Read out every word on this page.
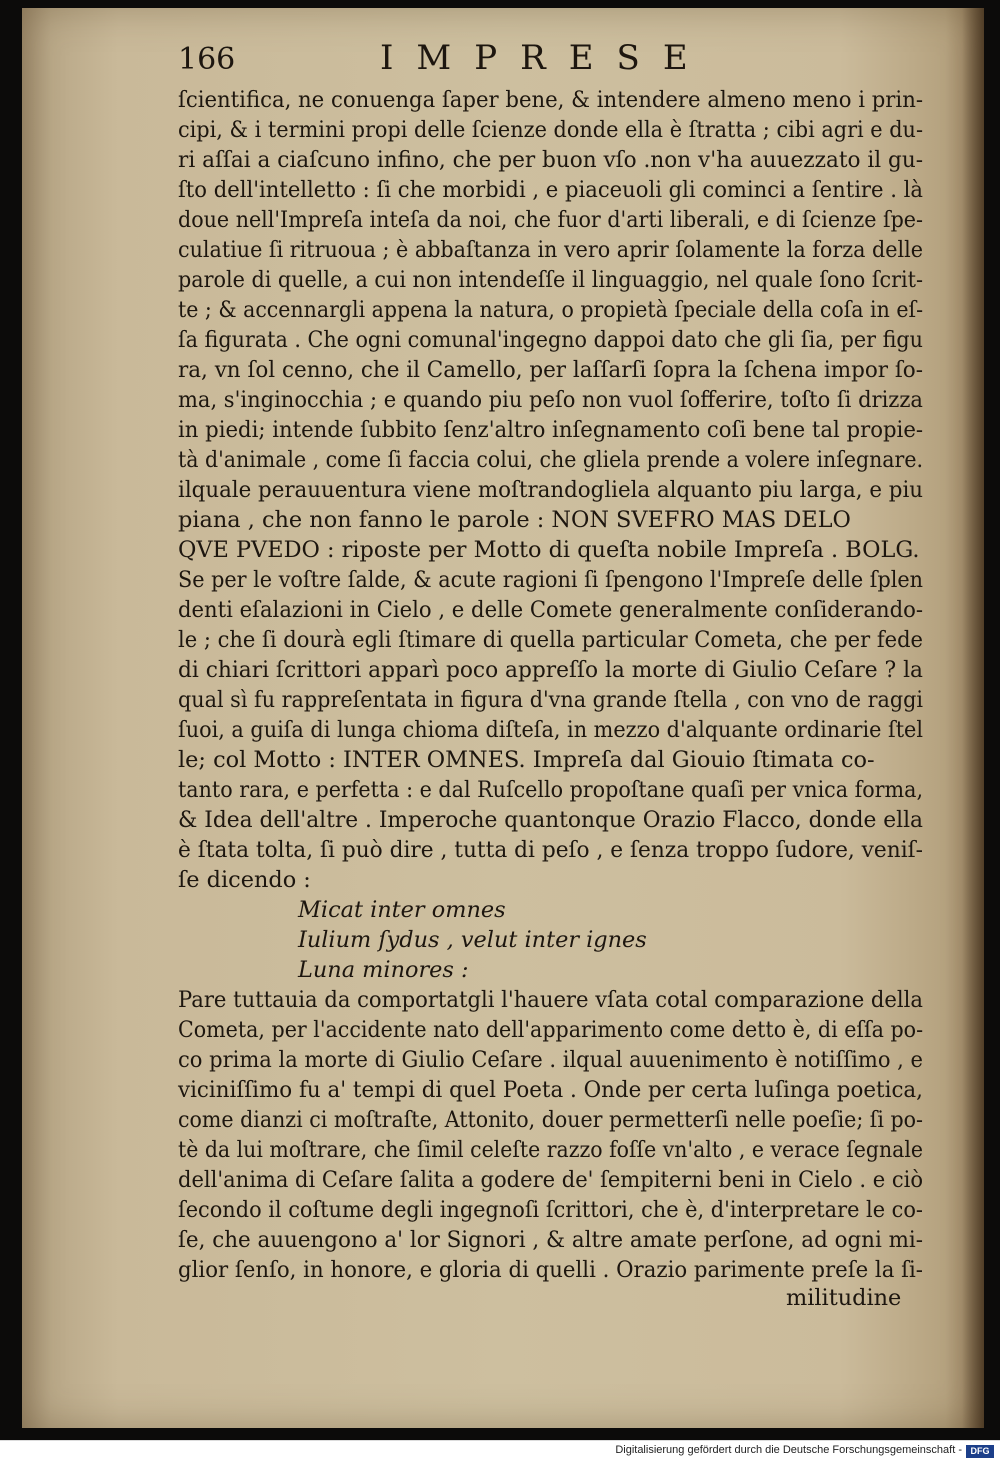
166	IMPRESE
ſcientifica, ne conuenga ſaper bene, & intendere almeno meno i prin-
cipi, & i termini propi delle ſcienze donde ella è ſtratta ; cibi agri e du-
ri aſſai a ciaſcuno infino, che per buon vſo .non v'ha auuezzato il gu-
ſto dell'intelletto : ſi che morbidi , e piaceuoli gli cominci a ſentire . là
doue nell'Impreſa inteſa da noi, che fuor d'arti liberali, e di ſcienze ſpe-
culatiue ſi ritruoua ; è abbaſtanza in vero aprir ſolamente la forza delle
parole di quelle, a cui non intendeſſe il linguaggio, nel quale ſono ſcrit-
te ; & accennargli appena la natura, o propietà ſpeciale della coſa in eſ-
ſa figurata . Che ogni comunal'ingegno dappoi dato che gli ſia, per figu
ra, vn ſol cenno, che il Camello, per laſſarſi ſopra la ſchena impor ſo-
ma, s'inginocchia ; e quando piu peſo non vuol ſofferire, toſto ſi drizza
in piedi; intende ſubbito ſenz'altro inſegnamento coſi bene tal propie-
tà d'animale , come ſi faccia colui, che gliela prende a volere inſegnare.
ilquale perauuentura viene moſtrandogliela alquanto piu larga, e piu
piana , che non fanno le parole : NON SVEFRO MAS DELO
QVE PVEDO : riposte per Motto di queſta nobile Impreſa . BOLG.
Se per le voſtre ſalde, & acute ragioni ſi ſpengono l'Impreſe delle ſplen
denti eſalazioni in Cielo , e delle Comete generalmente conſiderando-
le ; che ſi dourà egli ſtimare di quella particular Cometa, che per fede
di chiari ſcrittori apparì poco appreſſo la morte di Giulio Ceſare ? la
qual sì fu rappreſentata in figura d'vna grande ſtella , con vno de raggi
ſuoi, a guiſa di lunga chioma diſteſa, in mezzo d'alquante ordinarie ſtel
le; col Motto : INTER OMNES. Impreſa dal Giouio ſtimata co-
tanto rara, e perfetta : e dal Ruſcello propoſtane quaſi per vnica forma,
& Idea dell'altre . Imperoche quantonque Orazio Flacco, donde ella
è ſtata tolta, ſi può dire , tutta di peſo , e ſenza troppo ſudore, veniſ-
ſe dicendo :
Micat inter omnes
Iulium ſydus , velut inter ignes
Luna minores :
Pare tuttauia da comportatgli l'hauere vſata cotal comparazione della
Cometa, per l'accidente nato dell'apparimento come detto è, di eſſa po-
co prima la morte di Giulio Ceſare . ilqual auuenimento è notiſſimo , e
viciniſſimo fu a' tempi di quel Poeta . Onde per certa luſinga poetica,
come dianzi ci moſtraſte, Attonito, douer permetterſi nelle poeſie; ſi po-
tè da lui moſtrare, che ſimil celeſte razzo foſſe vn'alto , e verace ſegnale
dell'anima di Ceſare ſalita a godere de' ſempiterni beni in Cielo . e ciò
ſecondo il coſtume degli ingegnoſi ſcrittori, che è, d'interpretare le co-
ſe, che auuengono a' lor Signori , & altre amate perſone, ad ogni mi-
glior ſenſo, in honore, e gloria di quelli . Orazio parimente preſe la ſi-
militudine
Digitalisierung gefördert durch die Deutsche Forschungsgemeinschaft - DFG
